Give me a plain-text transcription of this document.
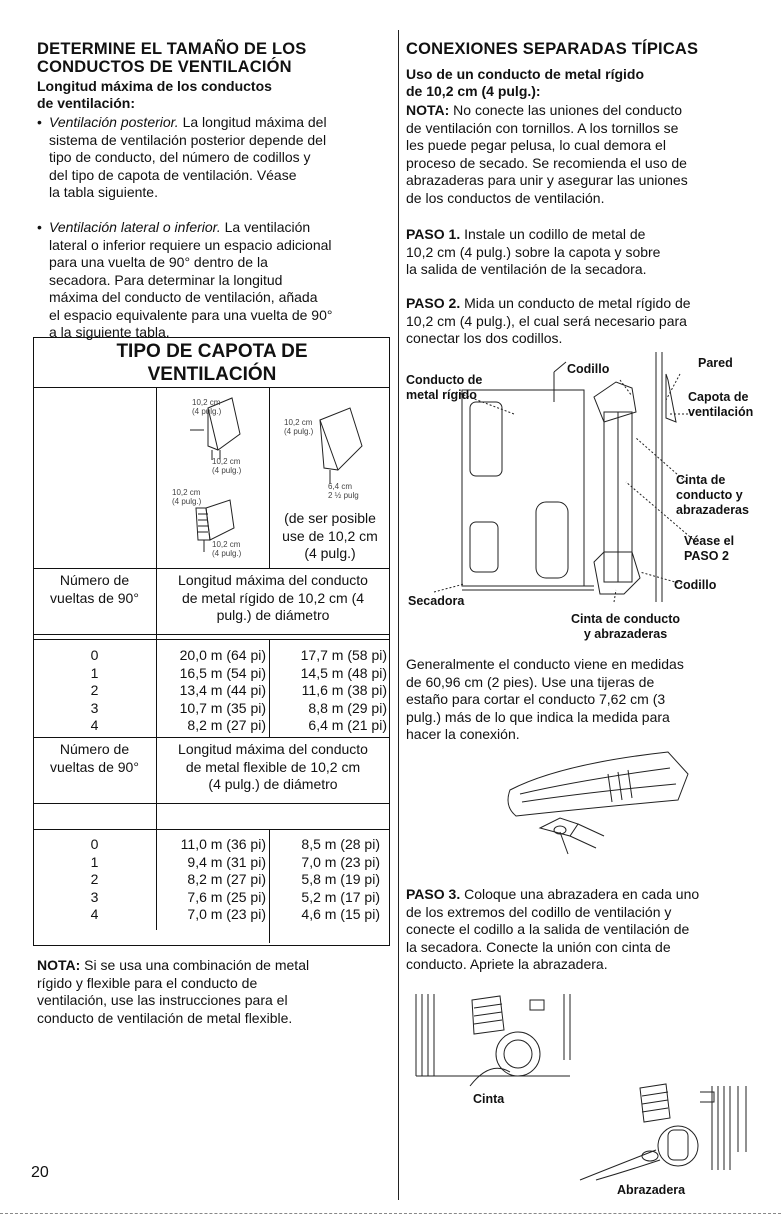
DETERMINE EL TAMAÑO DE LOS
CONDUCTOS DE VENTILACIÓN
Longitud máxima de los conductos
de ventilación:
• Ventilación posterior. La longitud máxima del
sistema de ventilación posterior depende del
tipo de conducto, del número de codillos y
del tipo de capota de ventilación. Véase
la tabla siguiente.
• Ventilación lateral o inferior. La ventilación
lateral o inferior requiere un espacio adicional
para una vuelta de 90° dentro de la
secadora. Para determinar la longitud
máxima del conducto de ventilación, añada
el espacio equivalente para una vuelta de 90°
a la siguiente tabla.
TIPO DE CAPOTA DE
VENTILACIÓN
10,2 cm
(4 pulg.)
10,2 cm
(4 pulg.)
10,2 cm
(4 pulg.)
10,2 cm
(4 pulg.)
10,2 cm
(4 pulg.)
6,4 cm
2 ½ pulg
(de ser posible
use de 10,2 cm
(4 pulg.)
Número de
vueltas de 90°
Longitud máxima del conducto
de metal rígido de 10,2 cm (4
pulg.) de diámetro
0
1
2
3
4
20,0 m (64 pi)
16,5 m (54 pi)
13,4 m (44 pi)
10,7 m (35 pi)
8,2 m (27 pi)
17,7 m (58 pi)
14,5 m (48 pi)
11,6 m (38 pi)
8,8 m (29 pi)
6,4 m (21 pi)
Número de
vueltas de 90°
Longitud máxima del conducto
de metal flexible de 10,2 cm
(4 pulg.) de diámetro
0
1
2
3
4
11,0 m (36 pi)
9,4 m (31 pi)
8,2 m (27 pi)
7,6 m (25 pi)
7,0 m (23 pi)
8,5 m (28 pi)
7,0 m (23 pi)
5,8 m (19 pi)
5,2 m (17 pi)
4,6 m (15 pi)
NOTA: Si se usa una combinación de metal
rígido y flexible para el conducto de
ventilación, use las instrucciones para el
conducto de ventilación de metal flexible.
20
CONEXIONES SEPARADAS TÍPICAS
Uso de un conducto de metal rígido
de 10,2 cm (4 pulg.):
NOTA: No conecte las uniones del conducto
de ventilación con tornillos. A los tornillos se
les puede pegar pelusa, lo cual demora el
proceso de secado. Se recomienda el uso de
abrazaderas para unir y asegurar las uniones
de los conductos de ventilación.
PASO 1. Instale un codillo de metal de
10,2 cm (4 pulg.) sobre la capota y sobre
la salida de ventilación de la secadora.
PASO 2. Mida un conducto de metal rígido de
10,2 cm (4 pulg.), el cual será necesario para
conectar los dos codillos.
Conducto de
metal rígido
Codillo	Pared
Capota de
ventilación
Cinta de
conducto y
abrazaderas
Véase el
PASO 2
Codillo
Secadora
Cinta de conducto
y abrazaderas
Generalmente el conducto viene en medidas
de 60,96 cm (2 pies). Use una tijeras de
estaño para cortar el conducto 7,62 cm (3
pulg.) más de lo que indica la medida para
hacer la conexión.
PASO 3. Coloque una abrazadera en cada uno
de los extremos del codillo de ventilación y
conecte el codillo a la salida de ventilación de
la secadora. Conecte la unión con cinta de
conducto. Apriete la abrazadera.
Cinta
Abrazadera
